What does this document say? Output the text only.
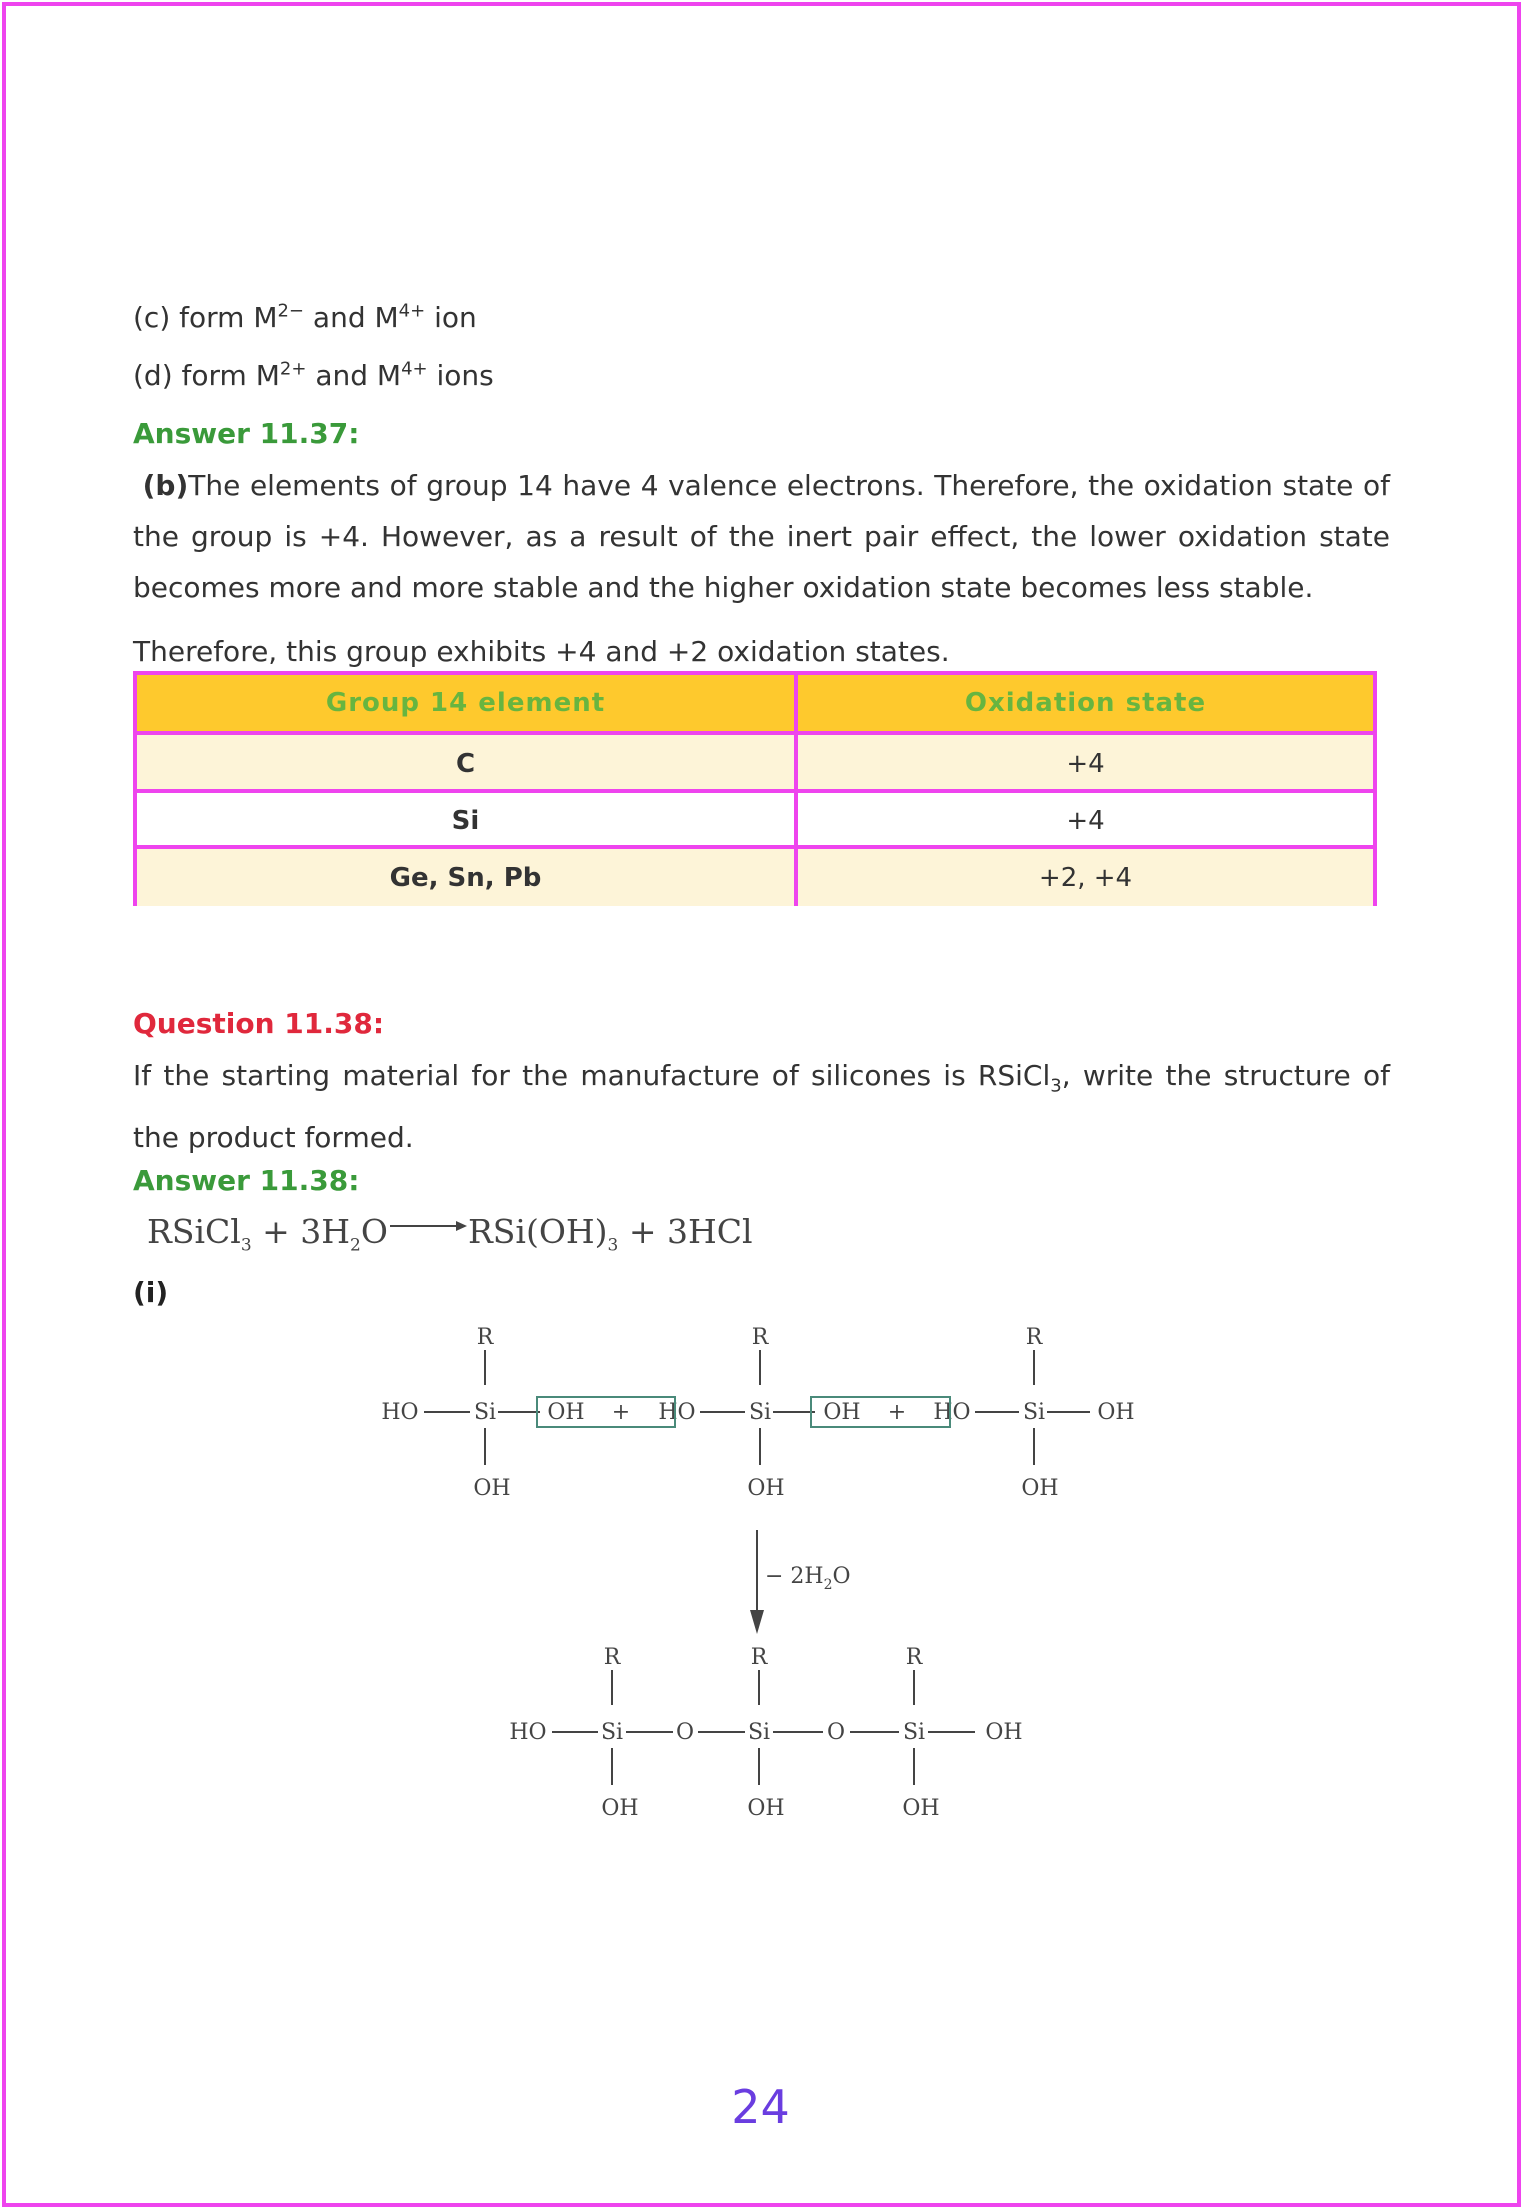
(c) form $M^{2-}$ and $M^{4+}$ ion
(d) form $M^{2+}$ and $M^{4+}$ ions
Answer 11.37:
(b)The elements of group 14 have 4 valence electrons. Therefore, the oxidation state of the group is +4. However, as a result of the inert pair effect, the lower oxidation state becomes more and more stable and the higher oxidation state becomes less stable.
Therefore, this group exhibits +4 and +2 oxidation states.
Group 14 element	Oxidation state
C	+4
Si	+4
Ge, Sn, Pb	+2, +4
Question 11.38:
If the starting material for the manufacture of silicones is RSiCl$_3$, write the structure of the product formed.
Answer 11.38:
RSiCl$_3$ + $3H_2O\to RSi(OH)_3 + 3HCl$
(i)
R
HO	Si OH + HO
OH
R
Si OH + HO
OH
R
Si OH
OH
− $2H_2O$
R
HO Si O
OH
R
Si	O
OH
R
Si	OH
OH
24
